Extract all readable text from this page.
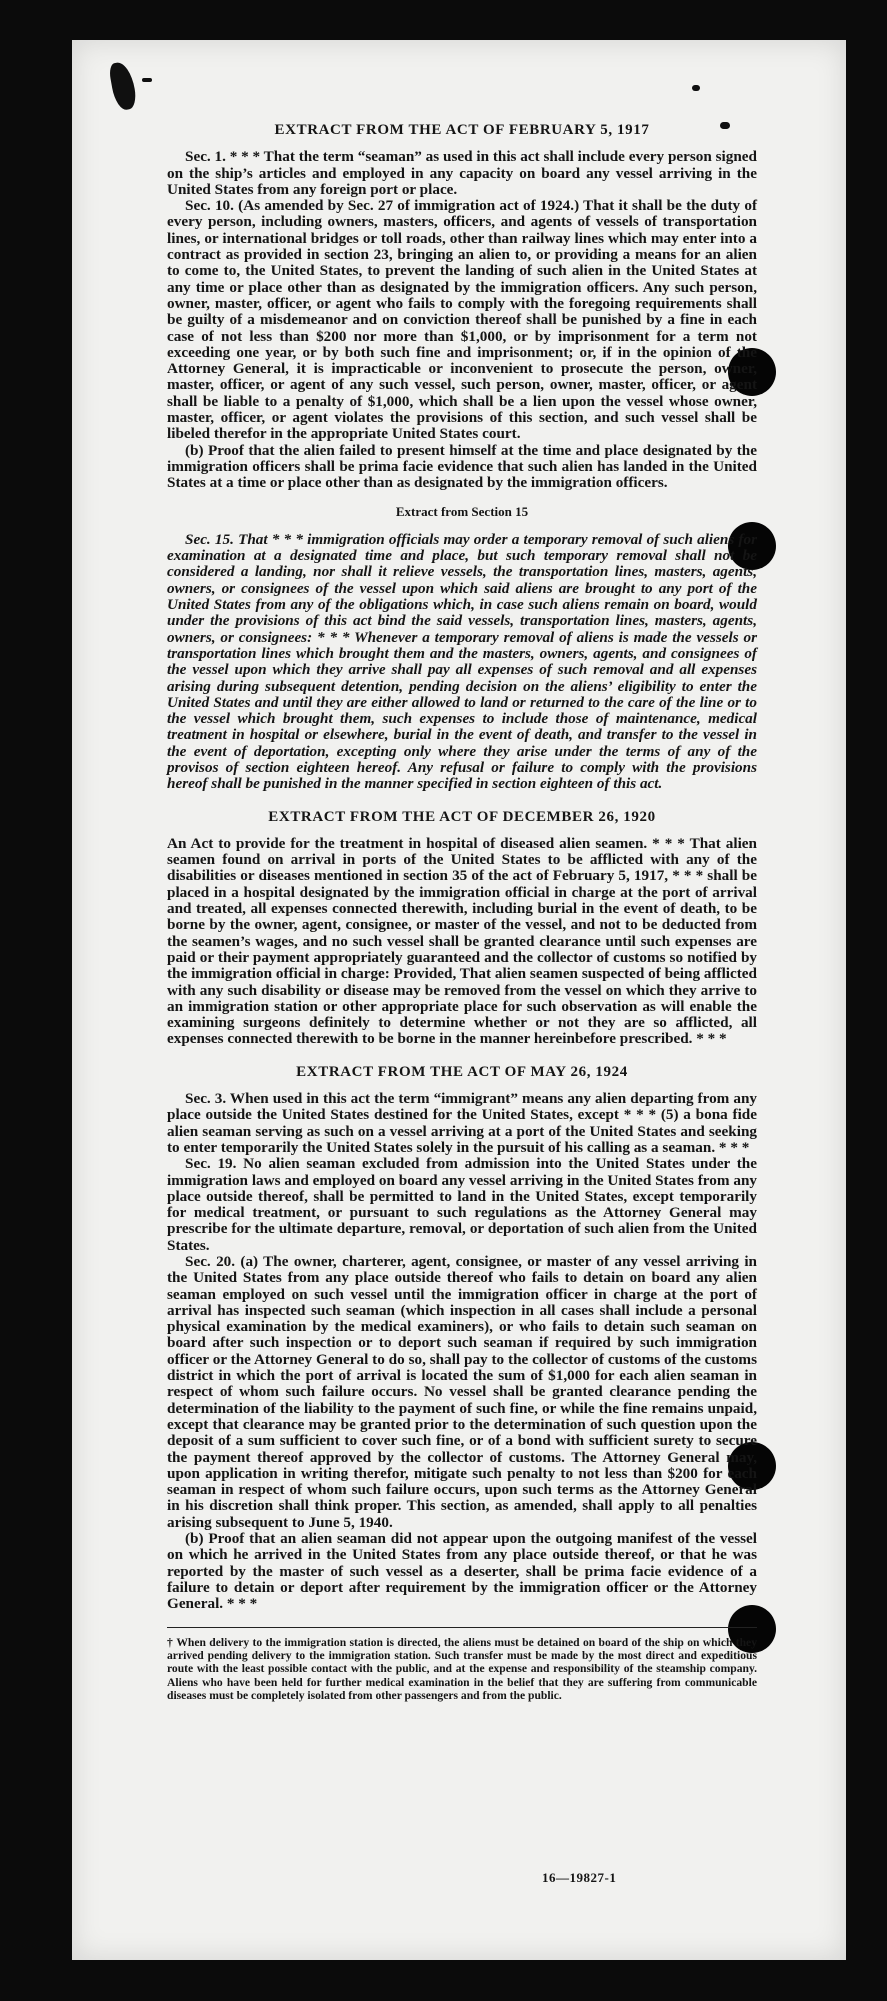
EXTRACT FROM THE ACT OF FEBRUARY 5, 1917

Sec. 1. * * * That the term “seaman” as used in this act shall include every person signed on the ship’s articles and employed in any capacity on board any vessel arriving in the United States from any foreign port or place.

Sec. 10. (As amended by Sec. 27 of immigration act of 1924.) That it shall be the duty of every person, including owners, masters, officers, and agents of vessels of transportation lines, or international bridges or toll roads, other than railway lines which may enter into a contract as provided in section 23, bringing an alien to, or providing a means for an alien to come to, the United States, to prevent the landing of such alien in the United States at any time or place other than as designated by the immigration officers. Any such person, owner, master, officer, or agent who fails to comply with the foregoing requirements shall be guilty of a misdemeanor and on conviction thereof shall be punished by a fine in each case of not less than $200 nor more than $1,000, or by imprisonment for a term not exceeding one year, or by both such fine and imprisonment; or, if in the opinion of the Attorney General, it is impracticable or inconvenient to prosecute the person, owner, master, officer, or agent of any such vessel, such person, owner, master, officer, or agent shall be liable to a penalty of $1,000, which shall be a lien upon the vessel whose owner, master, officer, or agent violates the provisions of this section, and such vessel shall be libeled therefor in the appropriate United States court.

(b) Proof that the alien failed to present himself at the time and place designated by the immigration officers shall be prima facie evidence that such alien has landed in the United States at a time or place other than as designated by the immigration officers.

Extract from Section 15

Sec. 15. That * * * immigration officials may order a temporary removal of such aliens for examination at a designated time and place, but such temporary removal shall not be considered a landing, nor shall it relieve vessels, the transportation lines, masters, agents, owners, or consignees of the vessel upon which said aliens are brought to any port of the United States from any of the obligations which, in case such aliens remain on board, would under the provisions of this act bind the said vessels, transportation lines, masters, agents, owners, or consignees: * * * Whenever a temporary removal of aliens is made the vessels or transportation lines which brought them and the masters, owners, agents, and consignees of the vessel upon which they arrive shall pay all expenses of such removal and all expenses arising during subsequent detention, pending decision on the aliens’ eligibility to enter the United States and until they are either allowed to land or returned to the care of the line or to the vessel which brought them, such expenses to include those of maintenance, medical treatment in hospital or elsewhere, burial in the event of death, and transfer to the vessel in the event of deportation, excepting only where they arise under the terms of any of the provisos of section eighteen hereof. Any refusal or failure to comply with the provisions hereof shall be punished in the manner specified in section eighteen of this act.

EXTRACT FROM THE ACT OF DECEMBER 26, 1920

An Act to provide for the treatment in hospital of diseased alien seamen. * * * That alien seamen found on arrival in ports of the United States to be afflicted with any of the disabilities or diseases mentioned in section 35 of the act of February 5, 1917, * * * shall be placed in a hospital designated by the immigration official in charge at the port of arrival and treated, all expenses connected therewith, including burial in the event of death, to be borne by the owner, agent, consignee, or master of the vessel, and not to be deducted from the seamen’s wages, and no such vessel shall be granted clearance until such expenses are paid or their payment appropriately guaranteed and the collector of customs so notified by the immigration official in charge: Provided, That alien seamen suspected of being afflicted with any such disability or disease may be removed from the vessel on which they arrive to an immigration station or other appropriate place for such observation as will enable the examining surgeons definitely to determine whether or not they are so afflicted, all expenses connected therewith to be borne in the manner hereinbefore prescribed. * * *

EXTRACT FROM THE ACT OF MAY 26, 1924

Sec. 3. When used in this act the term “immigrant” means any alien departing from any place outside the United States destined for the United States, except * * * (5) a bona fide alien seaman serving as such on a vessel arriving at a port of the United States and seeking to enter temporarily the United States solely in the pursuit of his calling as a seaman. * * *

Sec. 19. No alien seaman excluded from admission into the United States under the immigration laws and employed on board any vessel arriving in the United States from any place outside thereof, shall be permitted to land in the United States, except temporarily for medical treatment, or pursuant to such regulations as the Attorney General may prescribe for the ultimate departure, removal, or deportation of such alien from the United States.

Sec. 20. (a) The owner, charterer, agent, consignee, or master of any vessel arriving in the United States from any place outside thereof who fails to detain on board any alien seaman employed on such vessel until the immigration officer in charge at the port of arrival has inspected such seaman (which inspection in all cases shall include a personal physical examination by the medical examiners), or who fails to detain such seaman on board after such inspection or to deport such seaman if required by such immigration officer or the Attorney General to do so, shall pay to the collector of customs of the customs district in which the port of arrival is located the sum of $1,000 for each alien seaman in respect of whom such failure occurs. No vessel shall be granted clearance pending the determination of the liability to the payment of such fine, or while the fine remains unpaid, except that clearance may be granted prior to the determination of such question upon the deposit of a sum sufficient to cover such fine, or of a bond with sufficient surety to secure the payment thereof approved by the collector of customs. The Attorney General may, upon application in writing therefor, mitigate such penalty to not less than $200 for each seaman in respect of whom such failure occurs, upon such terms as the Attorney General in his discretion shall think proper. This section, as amended, shall apply to all penalties arising subsequent to June 5, 1940.

(b) Proof that an alien seaman did not appear upon the outgoing manifest of the vessel on which he arrived in the United States from any place outside thereof, or that he was reported by the master of such vessel as a deserter, shall be prima facie evidence of a failure to detain or deport after requirement by the immigration officer or the Attorney General. * * *

† When delivery to the immigration station is directed, the aliens must be detained on board of the ship on which they arrived pending delivery to the immigration station. Such transfer must be made by the most direct and expeditious route with the least possible contact with the public, and at the expense and responsibility of the steamship company. Aliens who have been held for further medical examination in the belief that they are suffering from communicable diseases must be completely isolated from other passengers and from the public.
16—19827-1
